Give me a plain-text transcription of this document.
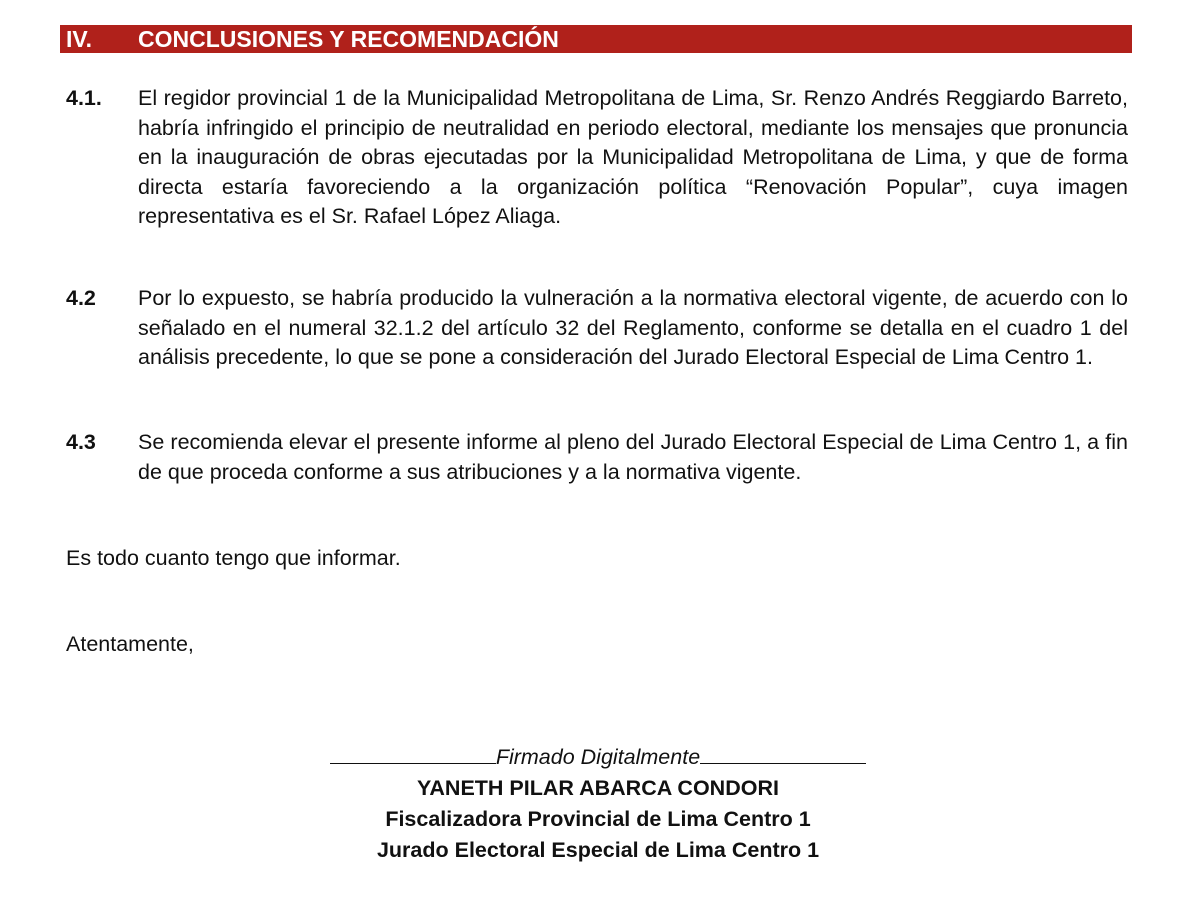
IV. CONCLUSIONES Y RECOMENDACIÓN
4.1. El regidor provincial 1 de la Municipalidad Metropolitana de Lima, Sr. Renzo Andrés Reggiardo Barreto, habría infringido el principio de neutralidad en periodo electoral, mediante los mensajes que pronuncia en la inauguración de obras ejecutadas por la Municipalidad Metropolitana de Lima, y que de forma directa estaría favoreciendo a la organización política “Renovación Popular”, cuya imagen representativa es el Sr. Rafael López Aliaga.
4.2 Por lo expuesto, se habría producido la vulneración a la normativa electoral vigente, de acuerdo con lo señalado en el numeral 32.1.2 del artículo 32 del Reglamento, conforme se detalla en el cuadro 1 del análisis precedente, lo que se pone a consideración del Jurado Electoral Especial de Lima Centro 1.
4.3 Se recomienda elevar el presente informe al pleno del Jurado Electoral Especial de Lima Centro 1, a fin de que proceda conforme a sus atribuciones y a la normativa vigente.
Es todo cuanto tengo que informar.
Atentamente,
Firmado Digitalmente
YANETH PILAR ABARCA CONDORI
Fiscalizadora Provincial de Lima Centro 1
Jurado Electoral Especial de Lima Centro 1
